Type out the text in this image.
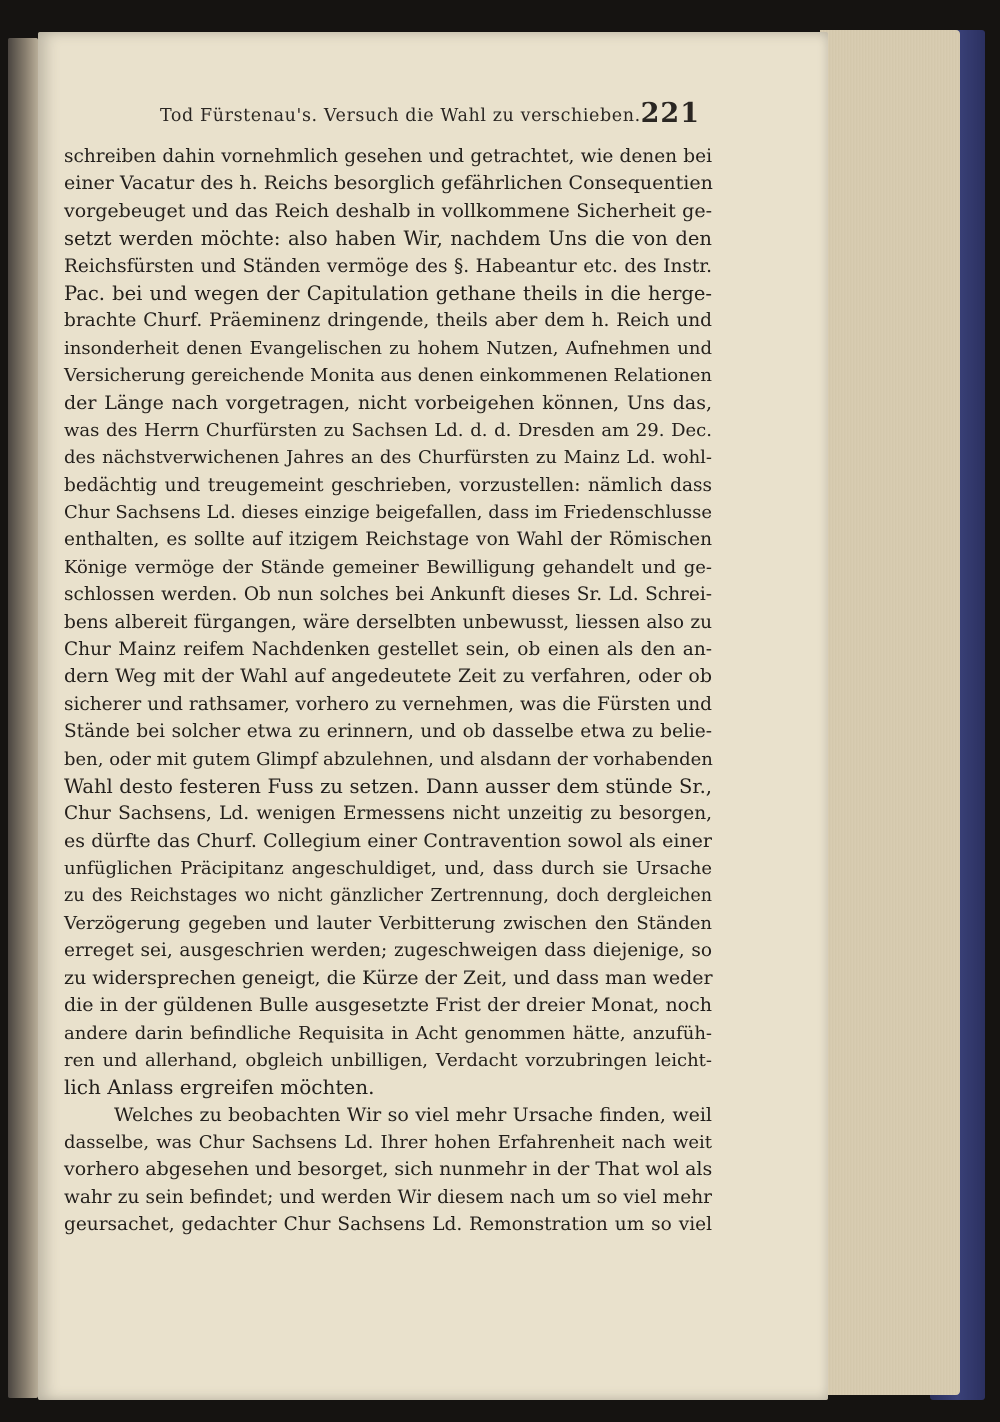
Tod Fürstenau's. Versuch die Wahl zu verschieben. 221
schreiben dahin vornehmlich gesehen und getrachtet, wie denen bei
einer Vacatur des h. Reichs besorglich gefährlichen Consequentien
vorgebeuget und das Reich deshalb in vollkommene Sicherheit ge-
setzt werden möchte: also haben Wir, nachdem Uns die von den
Reichsfürsten und Ständen vermöge des §. Habeantur etc. des Instr.
Pac. bei und wegen der Capitulation gethane theils in die herge-
brachte Churf. Präeminenz dringende, theils aber dem h. Reich und
insonderheit denen Evangelischen zu hohem Nutzen, Aufnehmen und
Versicherung gereichende Monita aus denen einkommenen Relationen
der Länge nach vorgetragen, nicht vorbeigehen können, Uns das,
was des Herrn Churfürsten zu Sachsen Ld. d. d. Dresden am 29. Dec.
des nächstverwichenen Jahres an des Churfürsten zu Mainz Ld. wohl-
bedächtig und treugemeint geschrieben, vorzustellen: nämlich dass
Chur Sachsens Ld. dieses einzige beigefallen, dass im Friedenschlusse
enthalten, es sollte auf itzigem Reichstage von Wahl der Römischen
Könige vermöge der Stände gemeiner Bewilligung gehandelt und ge-
schlossen werden. Ob nun solches bei Ankunft dieses Sr. Ld. Schrei-
bens albereit fürgangen, wäre derselbten unbewusst, liessen also zu
Chur Mainz reifem Nachdenken gestellet sein, ob einen als den an-
dern Weg mit der Wahl auf angedeutete Zeit zu verfahren, oder ob
sicherer und rathsamer, vorhero zu vernehmen, was die Fürsten und
Stände bei solcher etwa zu erinnern, und ob dasselbe etwa zu belie-
ben, oder mit gutem Glimpf abzulehnen, und alsdann der vorhabenden
Wahl desto festeren Fuss zu setzen. Dann ausser dem stünde Sr.,
Chur Sachsens, Ld. wenigen Ermessens nicht unzeitig zu besorgen,
es dürfte das Churf. Collegium einer Contravention sowol als einer
unfüglichen Präcipitanz angeschuldiget, und, dass durch sie Ursache
zu des Reichstages wo nicht gänzlicher Zertrennung, doch dergleichen
Verzögerung gegeben und lauter Verbitterung zwischen den Ständen
erreget sei, ausgeschrien werden; zugeschweigen dass diejenige, so
zu widersprechen geneigt, die Kürze der Zeit, und dass man weder
die in der güldenen Bulle ausgesetzte Frist der dreier Monat, noch
andere darin befindliche Requisita in Acht genommen hätte, anzufüh-
ren und allerhand, obgleich unbilligen, Verdacht vorzubringen leicht-
lich Anlass ergreifen möchten.
Welches zu beobachten Wir so viel mehr Ursache finden, weil
dasselbe, was Chur Sachsens Ld. Ihrer hohen Erfahrenheit nach weit
vorhero abgesehen und besorget, sich nunmehr in der That wol als
wahr zu sein befindet; und werden Wir diesem nach um so viel mehr
geursachet, gedachter Chur Sachsens Ld. Remonstration um so viel
